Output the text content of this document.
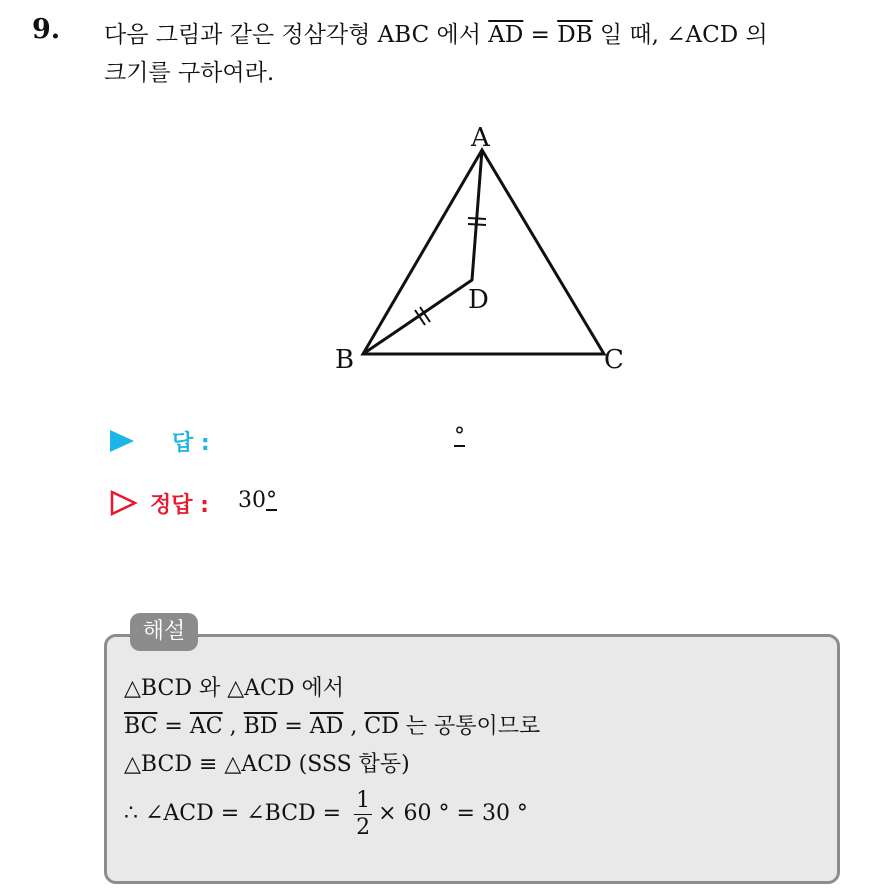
9. 다음 그림과 같은 정삼각형 ABC 에서 $\overline{AD} = \overline{DB}$ 일 때, ∠ACD 의
크기를 구하여라.
A
B	C
D
답 :	°
정답 : 30°
해설
△BCD 와 △ACD 에서
$\overline{BC} = \overline{AC}$ , $\overline{BD} = \overline{AD}$ , $\overline{CD}$ 는 공통이므로
△BCD ≡ △ACD (SSS 합동)
∴ ∠ACD = ∠BCD = $\frac{1}{2} \times 60$ ° = 30 °
